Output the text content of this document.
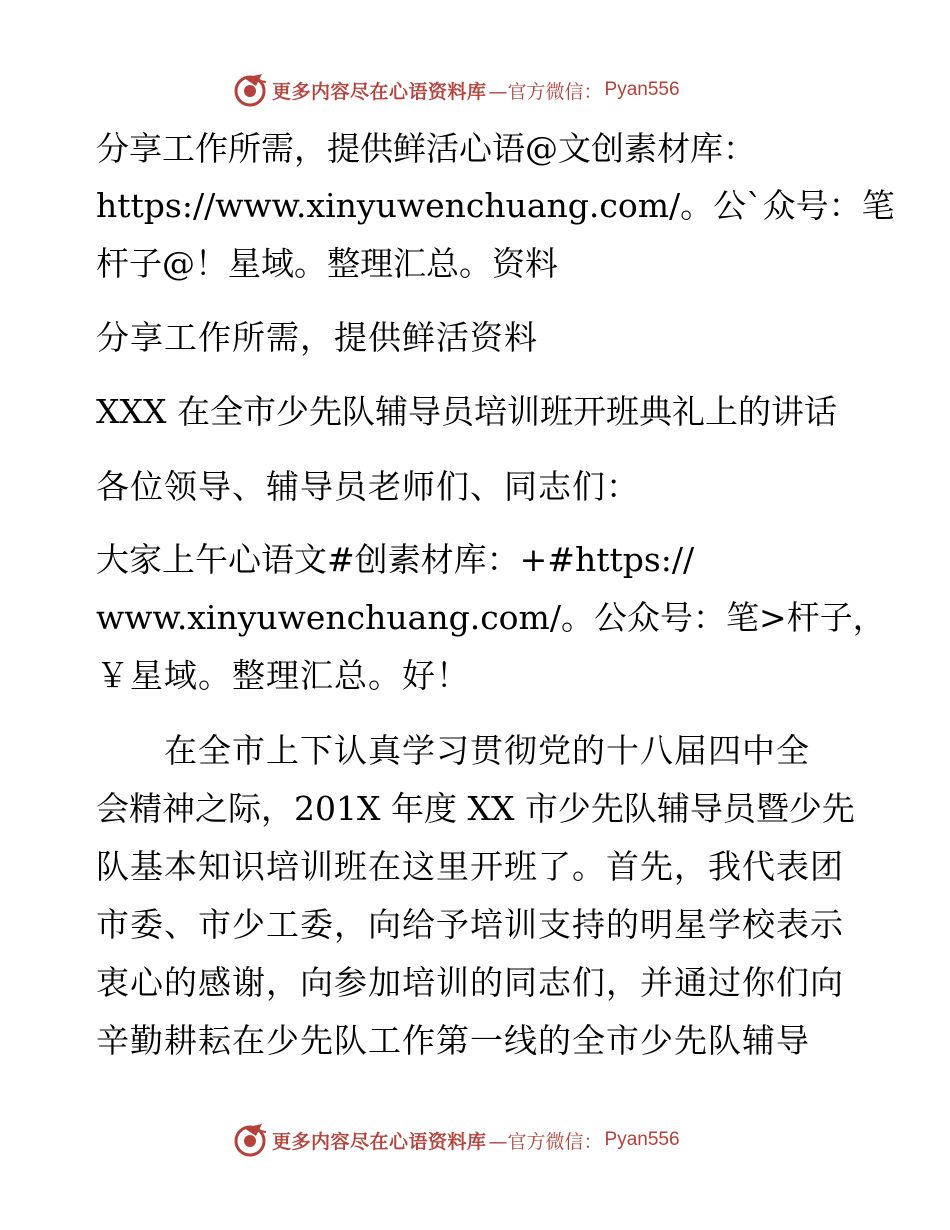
更多内容尽在心语资料库 —官方微信： Pyan556
分享工作所需，提供鲜活心语@文创素材库：
https://www.xinyuwenchuang.com/。公`众号：笔
杆子@！星域。整理汇总。资料
分享工作所需，提供鲜活资料
XXX 在全市少先队辅导员培训班开班典礼上的讲话
各位领导、辅导员老师们、同志们：
大家上午心语文#创素材库：+#https://
www.xinyuwenchuang.com/。公众号：笔>杆子，
￥星域。整理汇总。好！
　　在全市上下认真学习贯彻党的十八届四中全
会精神之际，201X 年度 XX 市少先队辅导员暨少先
队基本知识培训班在这里开班了。首先，我代表团
市委、市少工委，向给予培训支持的明星学校表示
衷心的感谢，向参加培训的同志们，并通过你们向
辛勤耕耘在少先队工作第一线的全市少先队辅导
更多内容尽在心语资料库 —官方微信： Pyan556
